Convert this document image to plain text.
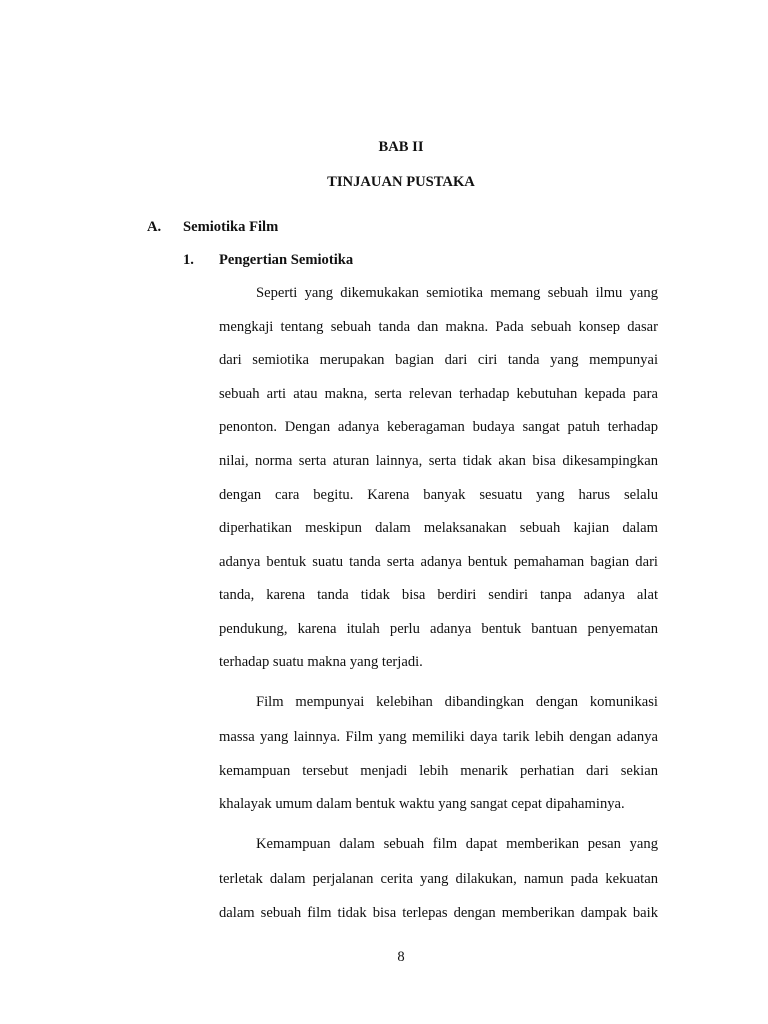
BAB II
TINJAUAN PUSTAKA
A. Semiotika Film
1. Pengertian Semiotika
Seperti yang dikemukakan semiotika memang sebuah ilmu yang
mengkaji tentang sebuah tanda dan makna. Pada sebuah konsep dasar
dari semiotika merupakan bagian dari ciri tanda yang mempunyai
sebuah arti atau makna, serta relevan terhadap kebutuhan kepada para
penonton. Dengan adanya keberagaman budaya sangat patuh terhadap
nilai, norma serta aturan lainnya, serta tidak akan bisa dikesampingkan
dengan cara begitu. Karena banyak sesuatu yang harus selalu
diperhatikan meskipun dalam melaksanakan sebuah kajian dalam
adanya bentuk suatu tanda serta adanya bentuk pemahaman bagian dari
tanda, karena tanda tidak bisa berdiri sendiri tanpa adanya alat
pendukung, karena itulah perlu adanya bentuk bantuan penyematan
terhadap suatu makna yang terjadi.
Film mempunyai kelebihan dibandingkan dengan komunikasi
massa yang lainnya. Film yang memiliki daya tarik lebih dengan adanya
kemampuan tersebut menjadi lebih menarik perhatian dari sekian
khalayak umum dalam bentuk waktu yang sangat cepat dipahaminya.
Kemampuan dalam sebuah film dapat memberikan pesan yang
terletak dalam perjalanan cerita yang dilakukan, namun pada kekuatan
dalam sebuah film tidak bisa terlepas dengan memberikan dampak baik
8
